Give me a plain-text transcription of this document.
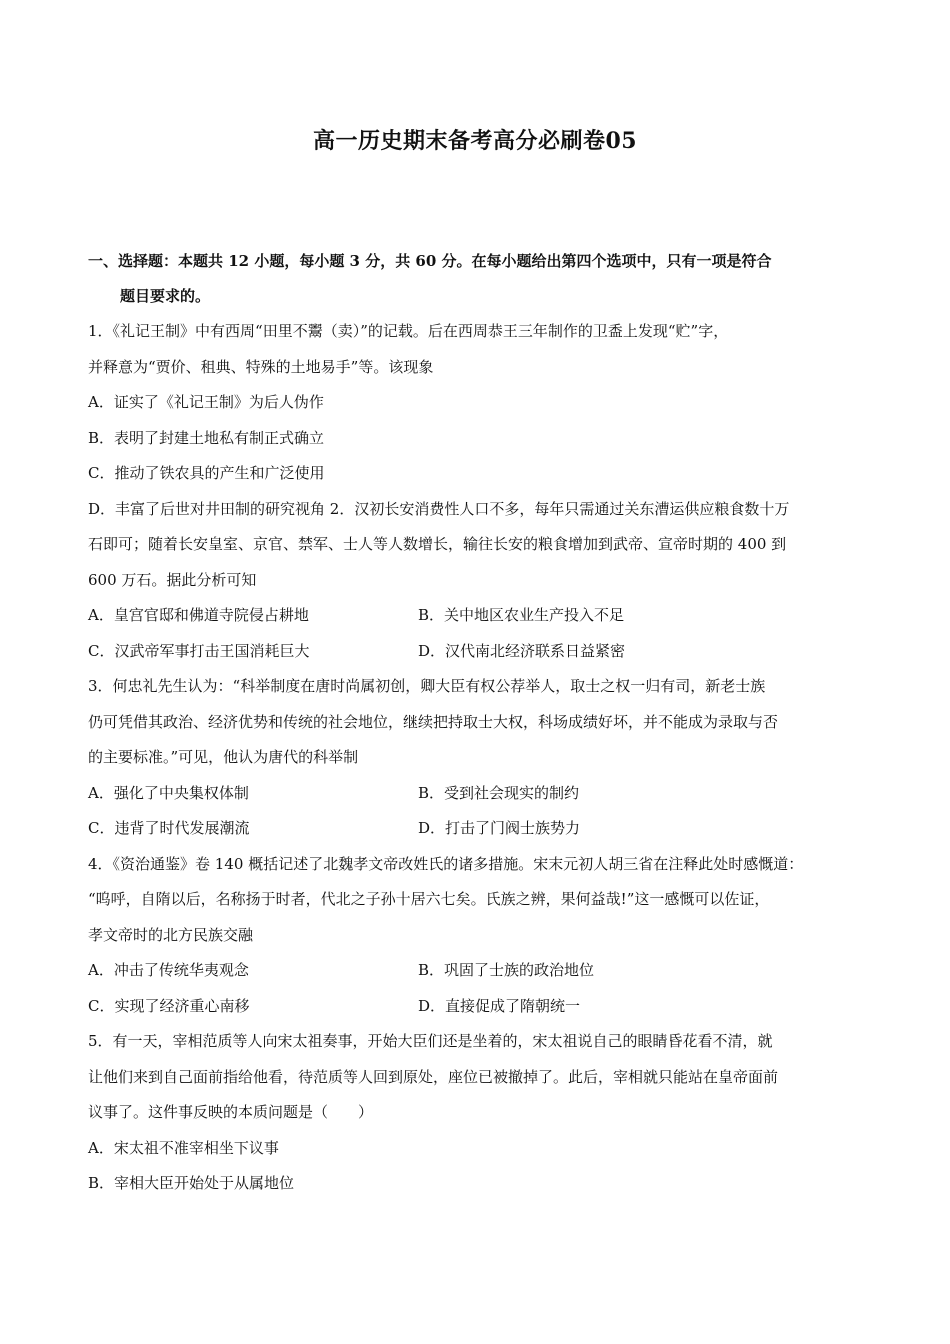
高一历史期末备考高分必刷卷05
一、选择题：本题共 12 小题，每小题 3 分，共 60 分。在每小题给出第四个选项中，只有一项是符合
题目要求的。

1．《礼记王制》中有西周“田里不鬻（卖）”的记载。后在西周恭王三年制作的卫盉上发现“贮”字，

并释意为“贾价、租典、特殊的土地易手”等。该现象

A．证实了《礼记王制》为后人伪作

B．表明了封建土地私有制正式确立

C．推动了铁农具的产生和广泛使用

D．丰富了后世对井田制的研究视角 2．汉初长安消费性人口不多，每年只需通过关东漕运供应粮食数十万

石即可；随着长安皇室、京官、禁军、士人等人数增长，输往长安的粮食增加到武帝、宣帝时期的 400 到

600 万石。据此分析可知

A．皇宫官邸和佛道寺院侵占耕地	B．关中地区农业生产投入不足
C．汉武帝军事打击王国消耗巨大	D．汉代南北经济联系日益紧密

3．何忠礼先生认为：“科举制度在唐时尚属初创，卿大臣有权公荐举人，取士之权一归有司，新老士族

仍可凭借其政治、经济优势和传统的社会地位，继续把持取士大权，科场成绩好坏，并不能成为录取与否

的主要标准。”可见，他认为唐代的科举制

A．强化了中央集权体制	B．受到社会现实的制约
C．违背了时代发展潮流	D．打击了门阀士族势力

4．《资治通鉴》卷 140 概括记述了北魏孝文帝改姓氏的诸多措施。宋末元初人胡三省在注释此处时感慨道：

“呜呼，自隋以后，名称扬于时者，代北之子孙十居六七矣。氏族之辨，果何益哉!”这一感慨可以佐证，

孝文帝时的北方民族交融

A．冲击了传统华夷观念	B．巩固了士族的政治地位
C．实现了经济重心南移	D．直接促成了隋朝统一

5．有一天，宰相范质等人向宋太祖奏事，开始大臣们还是坐着的，宋太祖说自己的眼睛昏花看不清，就

让他们来到自己面前指给他看，待范质等人回到原处，座位已被撤掉了。此后，宰相就只能站在皇帝面前

议事了。这件事反映的本质问题是（　　）

A．宋太祖不准宰相坐下议事

B．宰相大臣开始处于从属地位
